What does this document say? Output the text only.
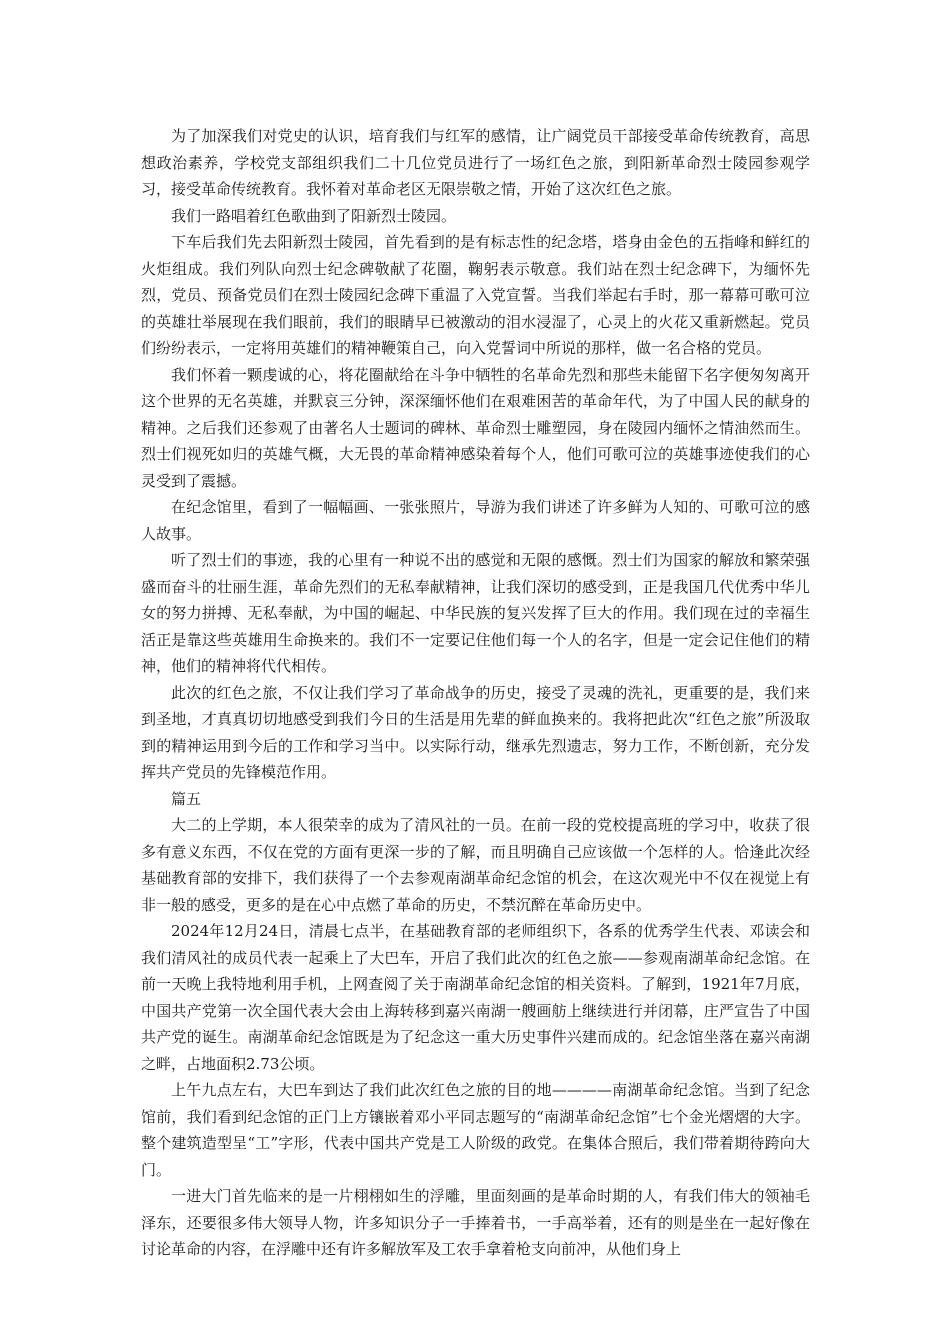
为了加深我们对党史的认识，培育我们与红军的感情，让广阔党员干部接受革命传统教育，高思想政治素养，学校党支部组织我们二十几位党员进行了一场红色之旅，到阳新革命烈士陵园参观学习，接受革命传统教育。我怀着对革命老区无限崇敬之情，开始了这次红色之旅。

我们一路唱着红色歌曲到了阳新烈士陵园。

下车后我们先去阳新烈士陵园，首先看到的是有标志性的纪念塔，塔身由金色的五指峰和鲜红的火炬组成。我们列队向烈士纪念碑敬献了花圈，鞠躬表示敬意。我们站在烈士纪念碑下，为缅怀先烈，党员、预备党员们在烈士陵园纪念碑下重温了入党宣誓。当我们举起右手时，那一幕幕可歌可泣的英雄壮举展现在我们眼前，我们的眼睛早已被激动的泪水浸湿了，心灵上的火花又重新燃起。党员们纷纷表示，一定将用英雄们的精神鞭策自己，向入党誓词中所说的那样，做一名合格的党员。

我们怀着一颗虔诚的心，将花圈献给在斗争中牺牲的名革命先烈和那些未能留下名字便匆匆离开这个世界的无名英雄，并默哀三分钟，深深缅怀他们在艰难困苦的革命年代，为了中国人民的献身的精神。之后我们还参观了由著名人士题词的碑林、革命烈士雕塑园，身在陵园内缅怀之情油然而生。烈士们视死如归的英雄气概，大无畏的革命精神感染着每个人，他们可歌可泣的英雄事迹使我们的心灵受到了震撼。

在纪念馆里，看到了一幅幅画、一张张照片，导游为我们讲述了许多鲜为人知的、可歌可泣的感人故事。

听了烈士们的事迹，我的心里有一种说不出的感觉和无限的感慨。烈士们为国家的解放和繁荣强盛而奋斗的壮丽生涯，革命先烈们的无私奉献精神，让我们深切的感受到，正是我国几代优秀中华儿女的努力拼搏、无私奉献，为中国的崛起、中华民族的复兴发挥了巨大的作用。我们现在过的幸福生活正是靠这些英雄用生命换来的。我们不一定要记住他们每一个人的名字，但是一定会记住他们的精神，他们的精神将代代相传。

此次的红色之旅，不仅让我们学习了革命战争的历史，接受了灵魂的洗礼，更重要的是，我们来到圣地，才真真切切地感受到我们今日的生活是用先辈的鲜血换来的。我将把此次“红色之旅”所汲取到的精神运用到今后的工作和学习当中。以实际行动，继承先烈遗志，努力工作，不断创新，充分发挥共产党员的先锋模范作用。

篇五

大二的上学期，本人很荣幸的成为了清风社的一员。在前一段的党校提高班的学习中，收获了很多有意义东西，不仅在党的方面有更深一步的了解，而且明确自己应该做一个怎样的人。恰逢此次经基础教育部的安排下，我们获得了一个去参观南湖革命纪念馆的机会，在这次观光中不仅在视觉上有非一般的感受，更多的是在心中点燃了革命的历史，不禁沉醉在革命历史中。

2024年12月24日，清晨七点半，在基础教育部的老师组织下，各系的优秀学生代表、邓读会和我们清风社的成员代表一起乘上了大巴车，开启了我们此次的红色之旅——参观南湖革命纪念馆。在前一天晚上我特地利用手机，上网查阅了关于南湖革命纪念馆的相关资料。了解到，1921年7月底，中国共产党第一次全国代表大会由上海转移到嘉兴南湖一艘画舫上继续进行并闭幕，庄严宣告了中国共产党的诞生。南湖革命纪念馆既是为了纪念这一重大历史事件兴建而成的。纪念馆坐落在嘉兴南湖之畔，占地面积2.73公顷。

上午九点左右，大巴车到达了我们此次红色之旅的目的地————南湖革命纪念馆。当到了纪念馆前，我们看到纪念馆的正门上方镶嵌着邓小平同志题写的“南湖革命纪念馆”七个金光熠熠的大字。整个建筑造型呈“工”字形，代表中国共产党是工人阶级的政党。在集体合照后，我们带着期待跨向大门。

一进大门首先临来的是一片栩栩如生的浮雕，里面刻画的是革命时期的人，有我们伟大的领袖毛泽东，还要很多伟大领导人物，许多知识分子一手捧着书，一手高举着，还有的则是坐在一起好像在讨论革命的内容，在浮雕中还有许多解放军及工农手拿着枪支向前冲，从他们身上
